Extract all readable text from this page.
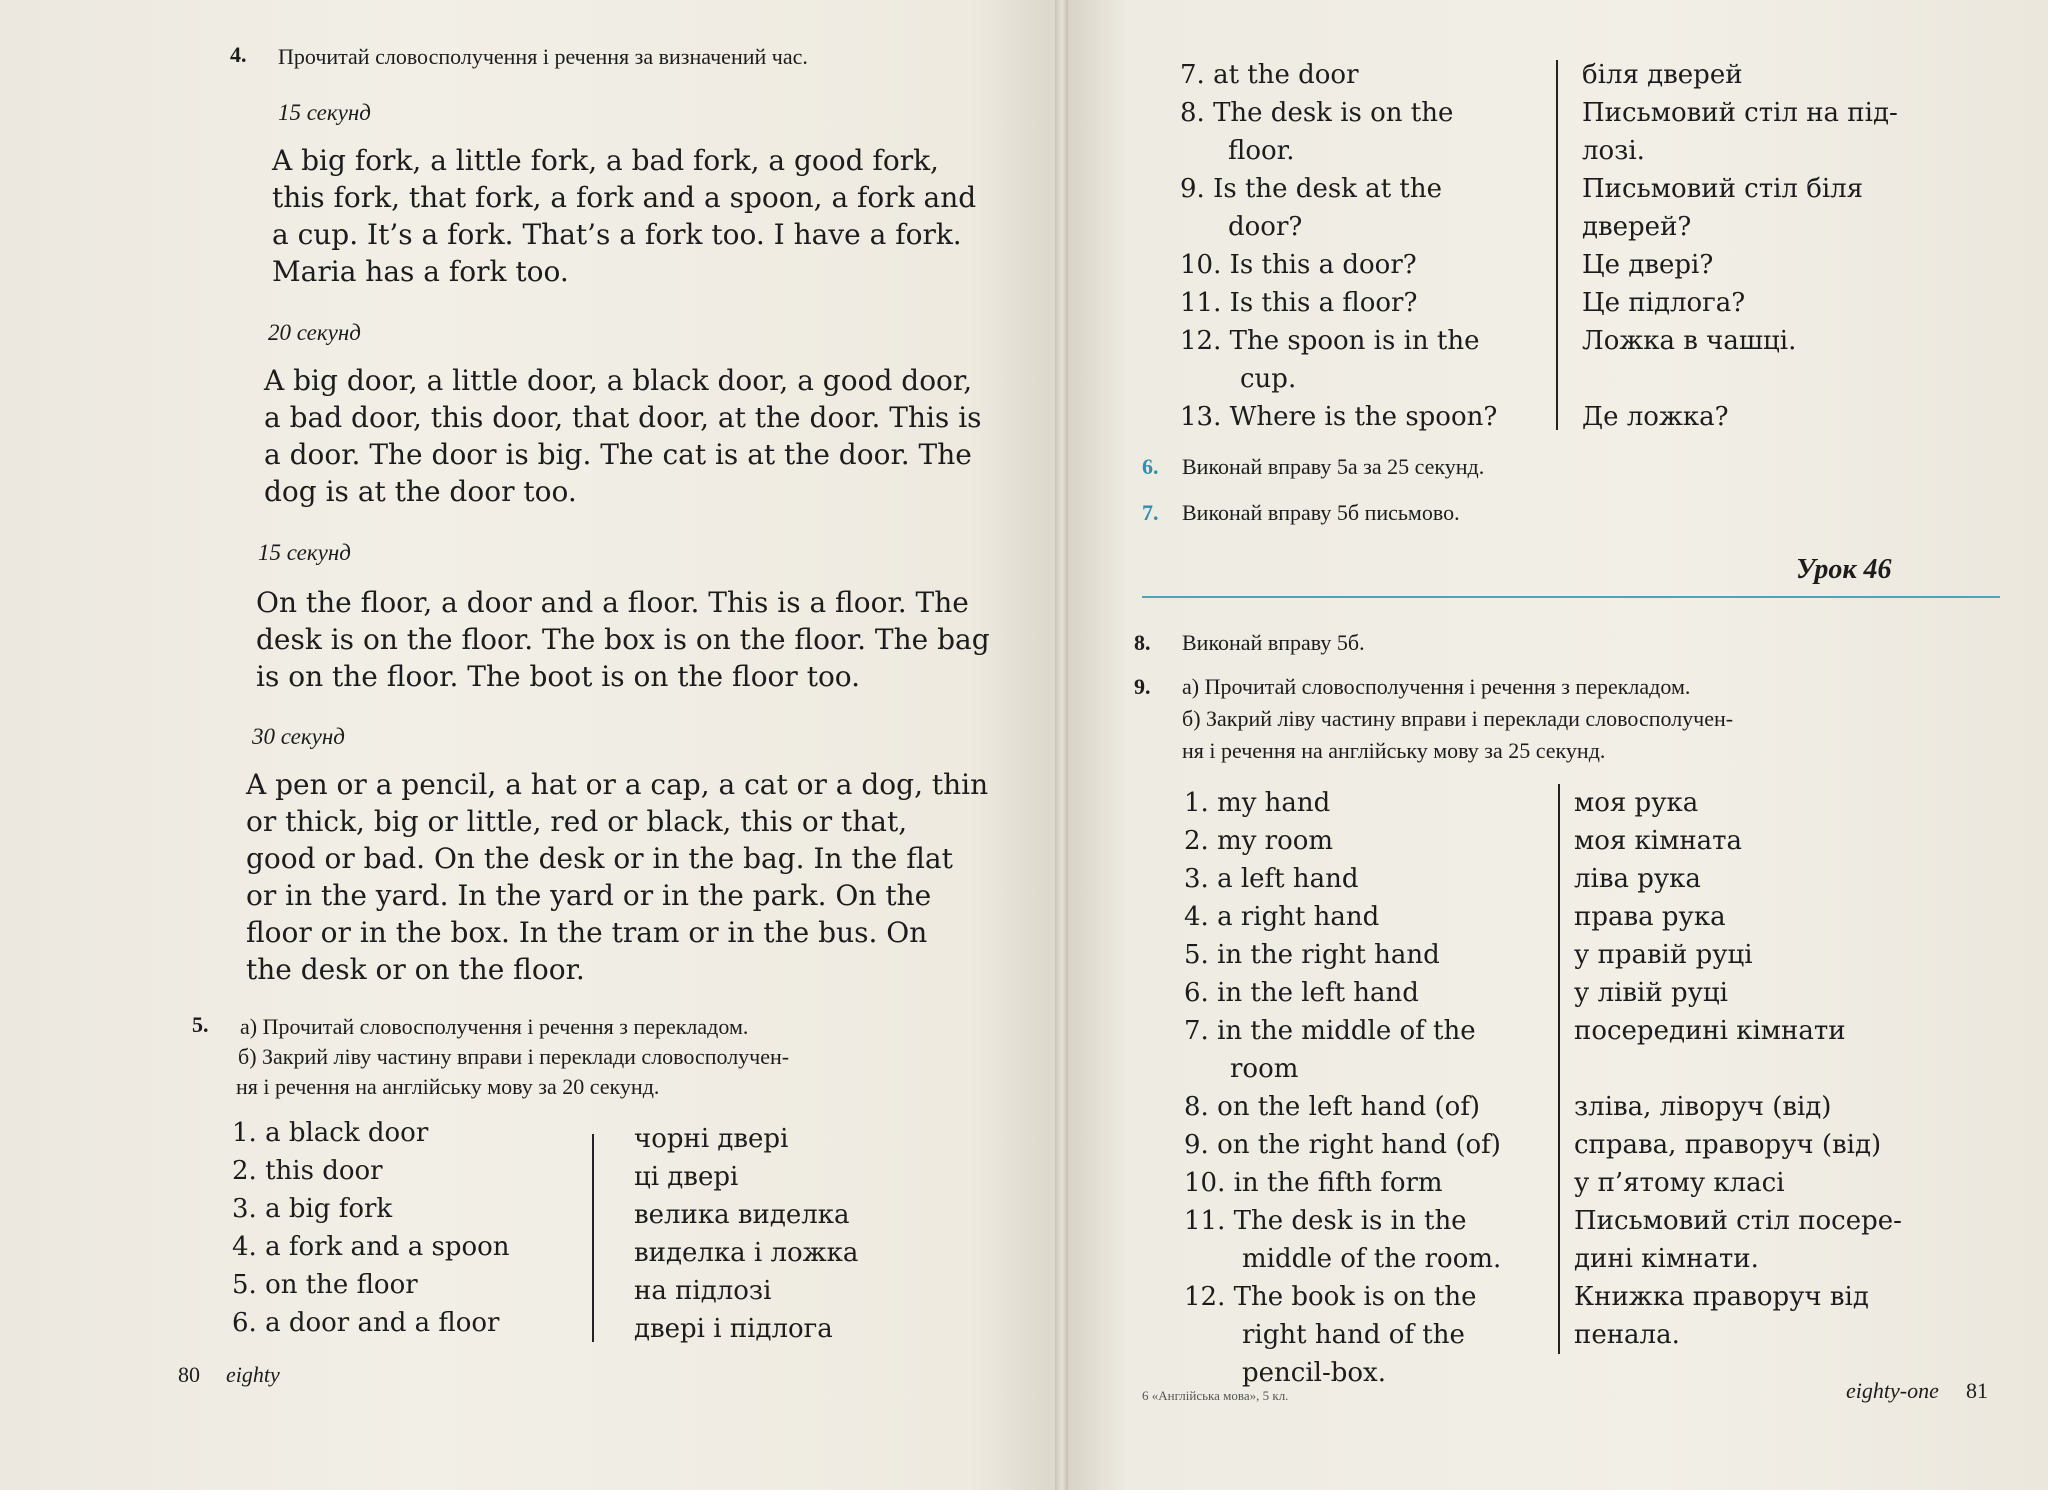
4. Прочитай словосполучення і речення за визначений час.
15 секунд

A big fork, a little fork, a bad fork, a good fork,

this fork, that fork, a fork and a spoon, a fork and

a cup. It’s a fork. That’s a fork too. I have a fork.

Maria has a fork too.

20 секунд

A big door, a little door, a black door, a good door,

a bad door, this door, that door, at the door. This is

a door. The door is big. The cat is at the door. The

dog is at the door too.

15 секунд

On the floor, a door and a floor. This is a floor. The

desk is on the floor. The box is on the floor. The bag

is on the floor. The boot is on the floor too.

30 секунд

A pen or a pencil, a hat or a cap, a cat or a dog, thin

or thick, big or little, red or black, this or that,

good or bad. On the desk or in the bag. In the flat

or in the yard. In the yard or in the park. On the

floor or in the box. In the tram or in the bus. On

the desk or on the floor.

5. а) Прочитай словосполучення і речення з перекладом.
б) Закрий ліву частину вправи і переклади словосполучен-
ня і речення на англійську мову за 20 секунд.
1. a black door
2. this door
3. a big fork
4. a fork and a spoon
5. on the floor
6. a door and a floor
чорні двері
ці двері
велика виделка
виделка і ложка
на підлозі
двері і підлога
80 eighty
7. at the door
8. The desk is on the
floor.
9. Is the desk at the
door?
10. Is this a door?
11. Is this a floor?
12. The spoon is in the
cup.
13. Where is the spoon?
біля дверей
Письмовий стіл на під-
лозі.
Письмовий стіл біля
дверей?
Це двері?
Це підлога?
Ложка в чашці.
Де ложка?
6. Виконай вправу 5а за 25 секунд.
7. Виконай вправу 5б письмово.
Урок 46
8. Виконай вправу 5б.
9. а) Прочитай словосполучення і речення з перекладом.
б) Закрий ліву частину вправи і переклади словосполучен-
ня і речення на англійську мову за 25 секунд.
1. my hand
2. my room
3. a left hand
4. a right hand
5. in the right hand
6. in the left hand
7. in the middle of the
room
8. on the left hand (of)
9. on the right hand (of)
10. in the fifth form
11. The desk is in the
middle of the room.
12. The book is on the
right hand of the
pencil-box.
моя рука
моя кімната
ліва рука
права рука
у правій руці
у лівій руці
посередині кімнати
зліва, ліворуч (від)
справа, праворуч (від)
у п’ятому класі
Письмовий стіл посере-
дині кімнати.
Книжка праворуч від
пенала.
6 «Англійська мова», 5 кл.	eighty-one 81
